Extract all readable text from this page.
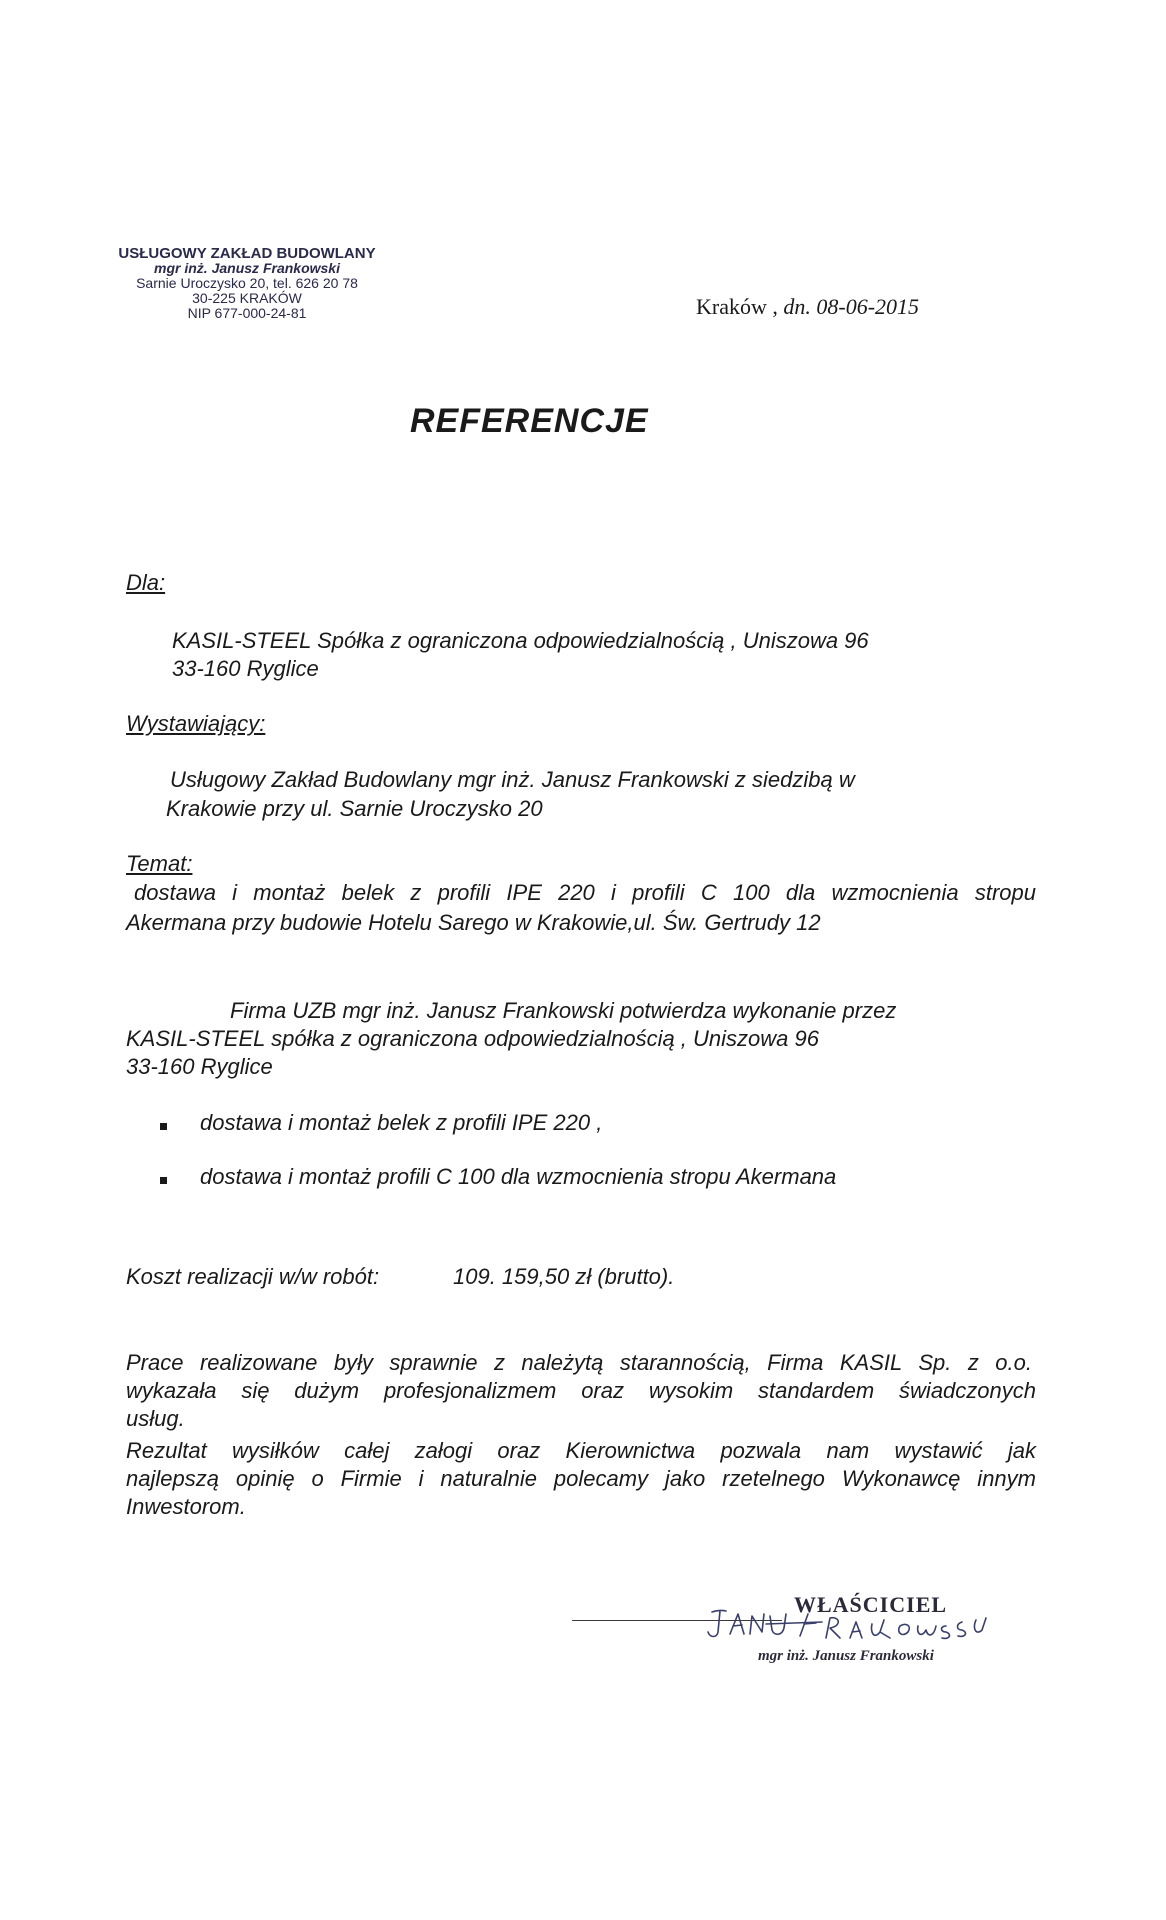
USŁUGOWY ZAKŁAD BUDOWLANY
mgr inż. Janusz Frankowski
Sarnie Uroczysko 20, tel. 626 20 78
30-225 KRAKÓW
NIP 677-000-24-81	Kraków , dn. 08-06-2015
REFERENCJE
Dla:
KASIL-STEEL Spółka z ograniczona odpowiedzialnością , Uniszowa 96
33-160 Ryglice
Wystawiający:
Usługowy Zakład Budowlany mgr inż. Janusz Frankowski z siedzibą w
Krakowie przy ul. Sarnie Uroczysko 20
Temat:
dostawa i montaż belek z profili IPE 220 i profili C 100 dla wzmocnienia stropu
Akermana przy budowie Hotelu Sarego w Krakowie,ul. Św. Gertrudy 12
Firma UZB mgr inż. Janusz Frankowski potwierdza wykonanie przez
KASIL-STEEL spółka z ograniczona odpowiedzialnością , Uniszowa 96
33-160 Ryglice
dostawa i montaż belek z profili IPE 220 ,
dostawa i montaż profili C 100 dla wzmocnienia stropu Akermana
Koszt realizacji w/w robót:	109. 159,50 zł (brutto).
Prace realizowane były sprawnie z należytą starannością, Firma KASIL Sp. z o.o.
wykazała się dużym profesjonalizmem oraz wysokim standardem świadczonych
usług.
Rezultat wysiłków całej załogi oraz Kierownictwa pozwala nam wystawić jak
najlepszą opinię o Firmie i naturalnie polecamy jako rzetelnego Wykonawcę innym
Inwestorom.
WŁAŚCICIEL
mgr inż. Janusz Frankowski
